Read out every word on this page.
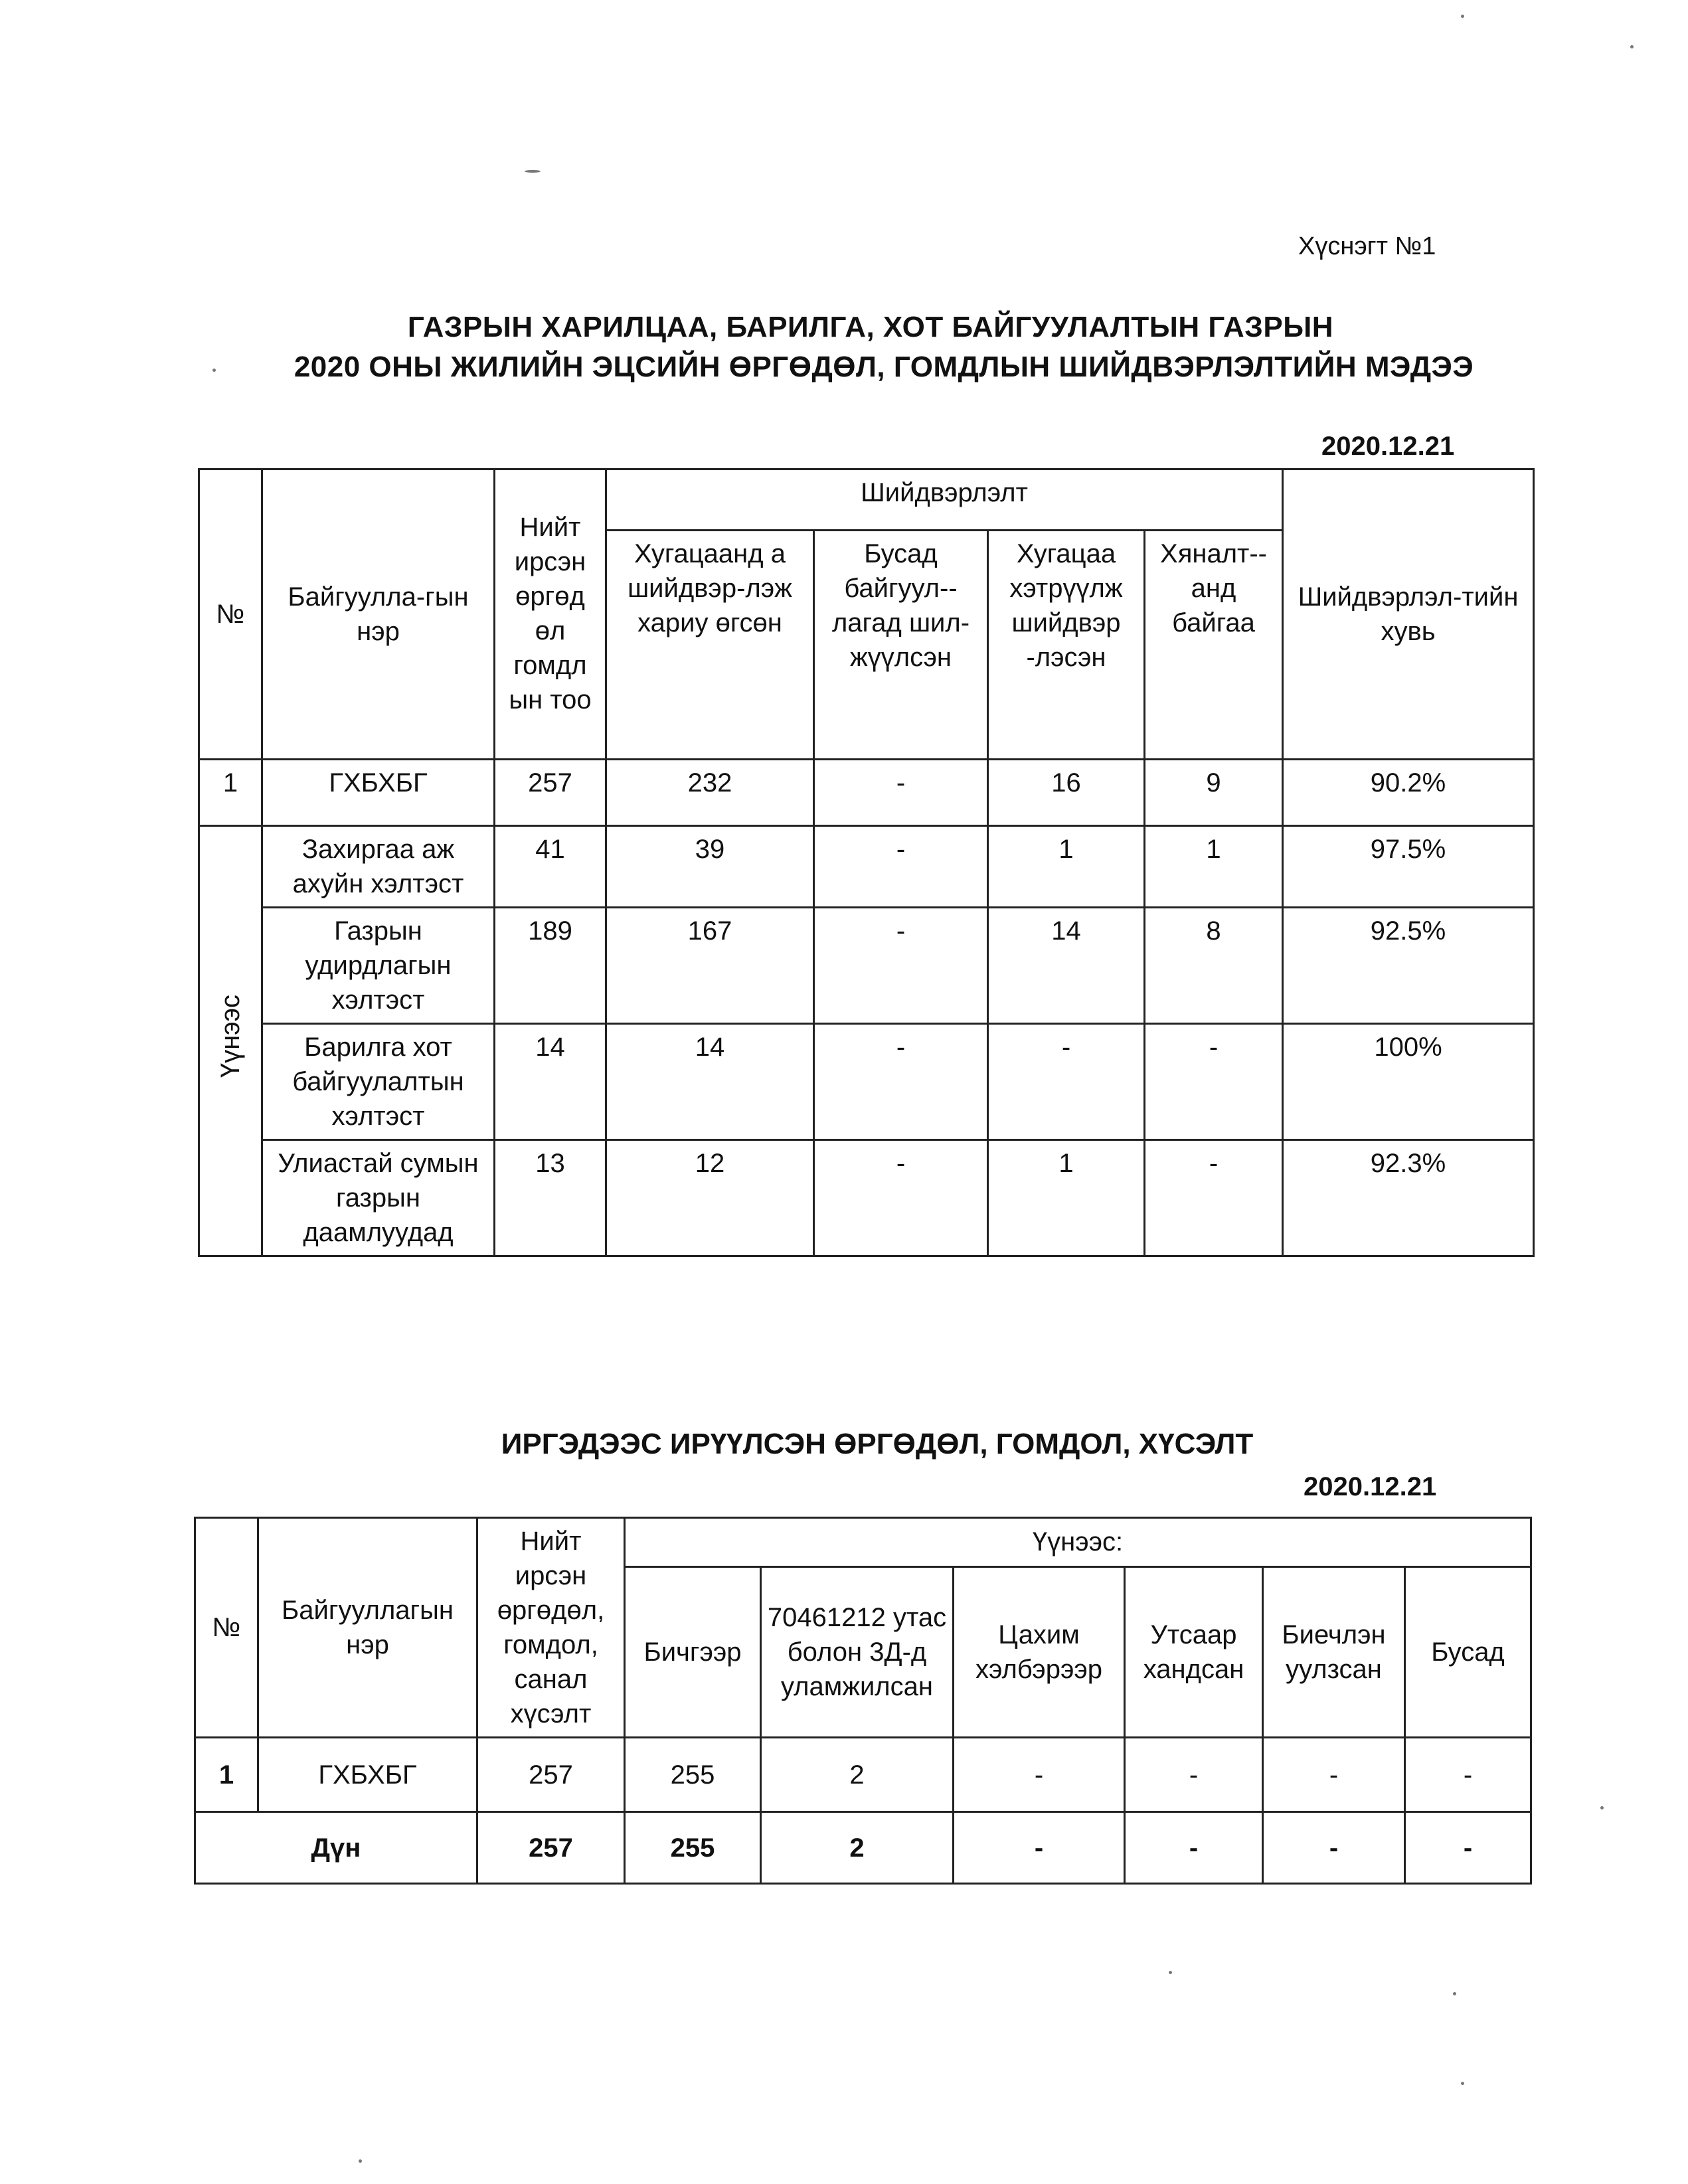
Хүснэгт №1
ГАЗРЫН ХАРИЛЦАА, БАРИЛГА, ХОТ БАЙГУУЛАЛТЫН ГАЗРЫН
2020 ОНЫ ЖИЛИЙН ЭЦСИЙН ӨРГӨДӨЛ, ГОМДЛЫН ШИЙДВЭРЛЭЛТИЙН МЭДЭЭ
2020.12.21
№	Байгуулла-гын нэр	Нийт ирсэн өргөд өл гомдл ын тоо	Шийдвэрлэлт				Шийдвэрлэл-тийн хувь
			Хугацаанд а шийдвэр-лэж хариу өгсөн	Бусад байгуул--лагад шил-жүүлсэн	Хугацаа хэтрүүлж шийдвэр -лэсэн	Хяналт--анд байгаа	
1	ГХБХБГ	257	232	-	16	9	90.2%
Үүнээс	Захиргаа аж ахуйн хэлтэст	41	39	-	1	1	97.5%
	Газрын удирдлагын хэлтэст	189	167	-	14	8	92.5%
	Барилга хот байгуулалтын хэлтэст	14	14	-	-	-	100%
	Улиастай сумын газрын даамлуудад	13	12	-	1	-	92.3%
ИРГЭДЭЭС ИРҮҮЛСЭН ӨРГӨДӨЛ, ГОМДОЛ, ХҮСЭЛТ
2020.12.21
№	Байгууллагын нэр	Нийт ирсэн өргөдөл, гомдол, санал хүсэлт	Үүнээс:					
			Бичгээр	70461212 утас болон 3Д-д уламжилсан	Цахим хэлбэрээр	Утсаар хандсан	Биечлэн уулзсан	Бусад
1	ГХБХБГ	257	255	2	-	-	-	-
Дүн		257	255	2	-	-	-	-
